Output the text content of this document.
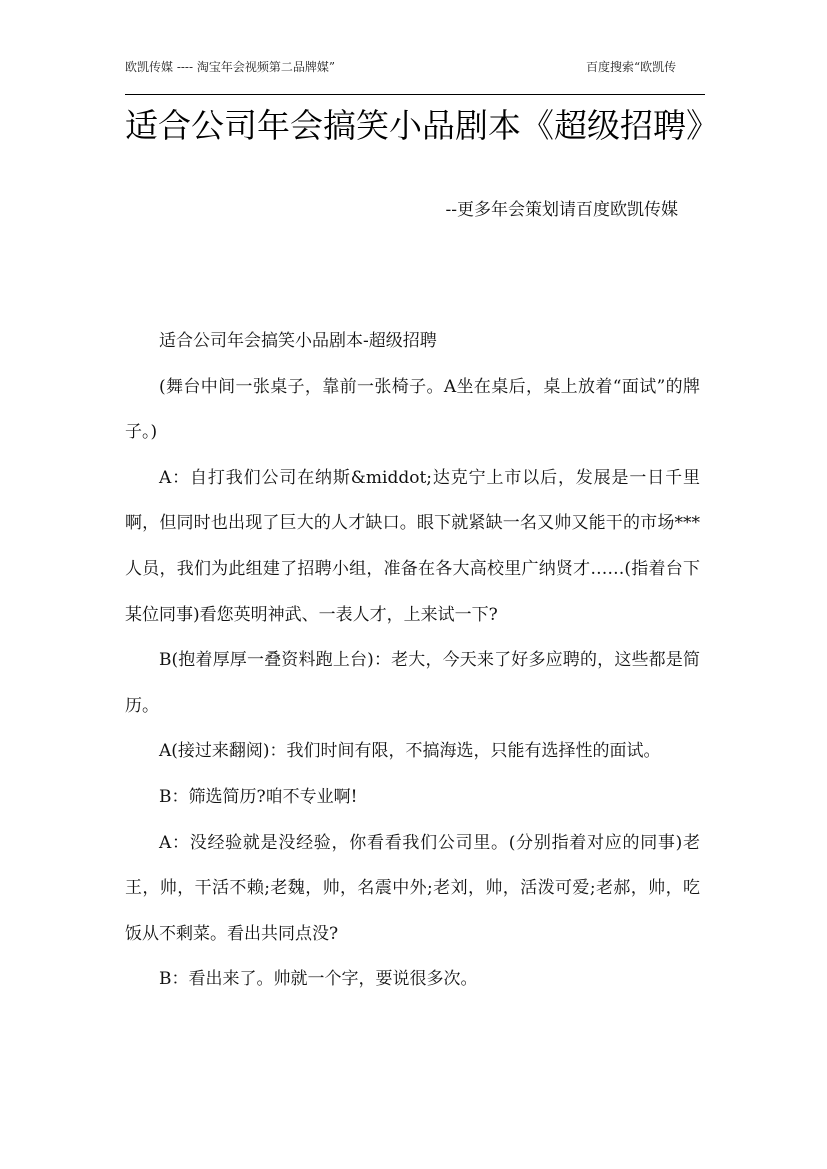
欧凯传媒 ---- 淘宝年会视频第二品牌媒”	百度搜索“欧凯传
适合公司年会搞笑小品剧本《超级招聘》
--更多年会策划请百度欧凯传媒

适合公司年会搞笑小品剧本-超级招聘

(舞台中间一张桌子，靠前一张椅子。A坐在桌后，桌上放着“面试”的牌子。)

A：自打我们公司在纳斯&middot;达克宁上市以后，发展是一日千里啊，但同时也出现了巨大的人才缺口。眼下就紧缺一名又帅又能干的市场***人员，我们为此组建了招聘小组，准备在各大高校里广纳贤才……(指着台下某位同事)看您英明神武、一表人才，上来试一下?

B(抱着厚厚一叠资料跑上台)：老大，今天来了好多应聘的，这些都是简历。

A(接过来翻阅)：我们时间有限，不搞海选，只能有选择性的面试。

B：筛选简历?咱不专业啊!

A：没经验就是没经验，你看看我们公司里。(分别指着对应的同事)老王，帅，干活不赖;老魏，帅，名震中外;老刘，帅，活泼可爱;老郝，帅，吃饭从不剩菜。看出共同点没?

B：看出来了。帅就一个字，要说很多次。
